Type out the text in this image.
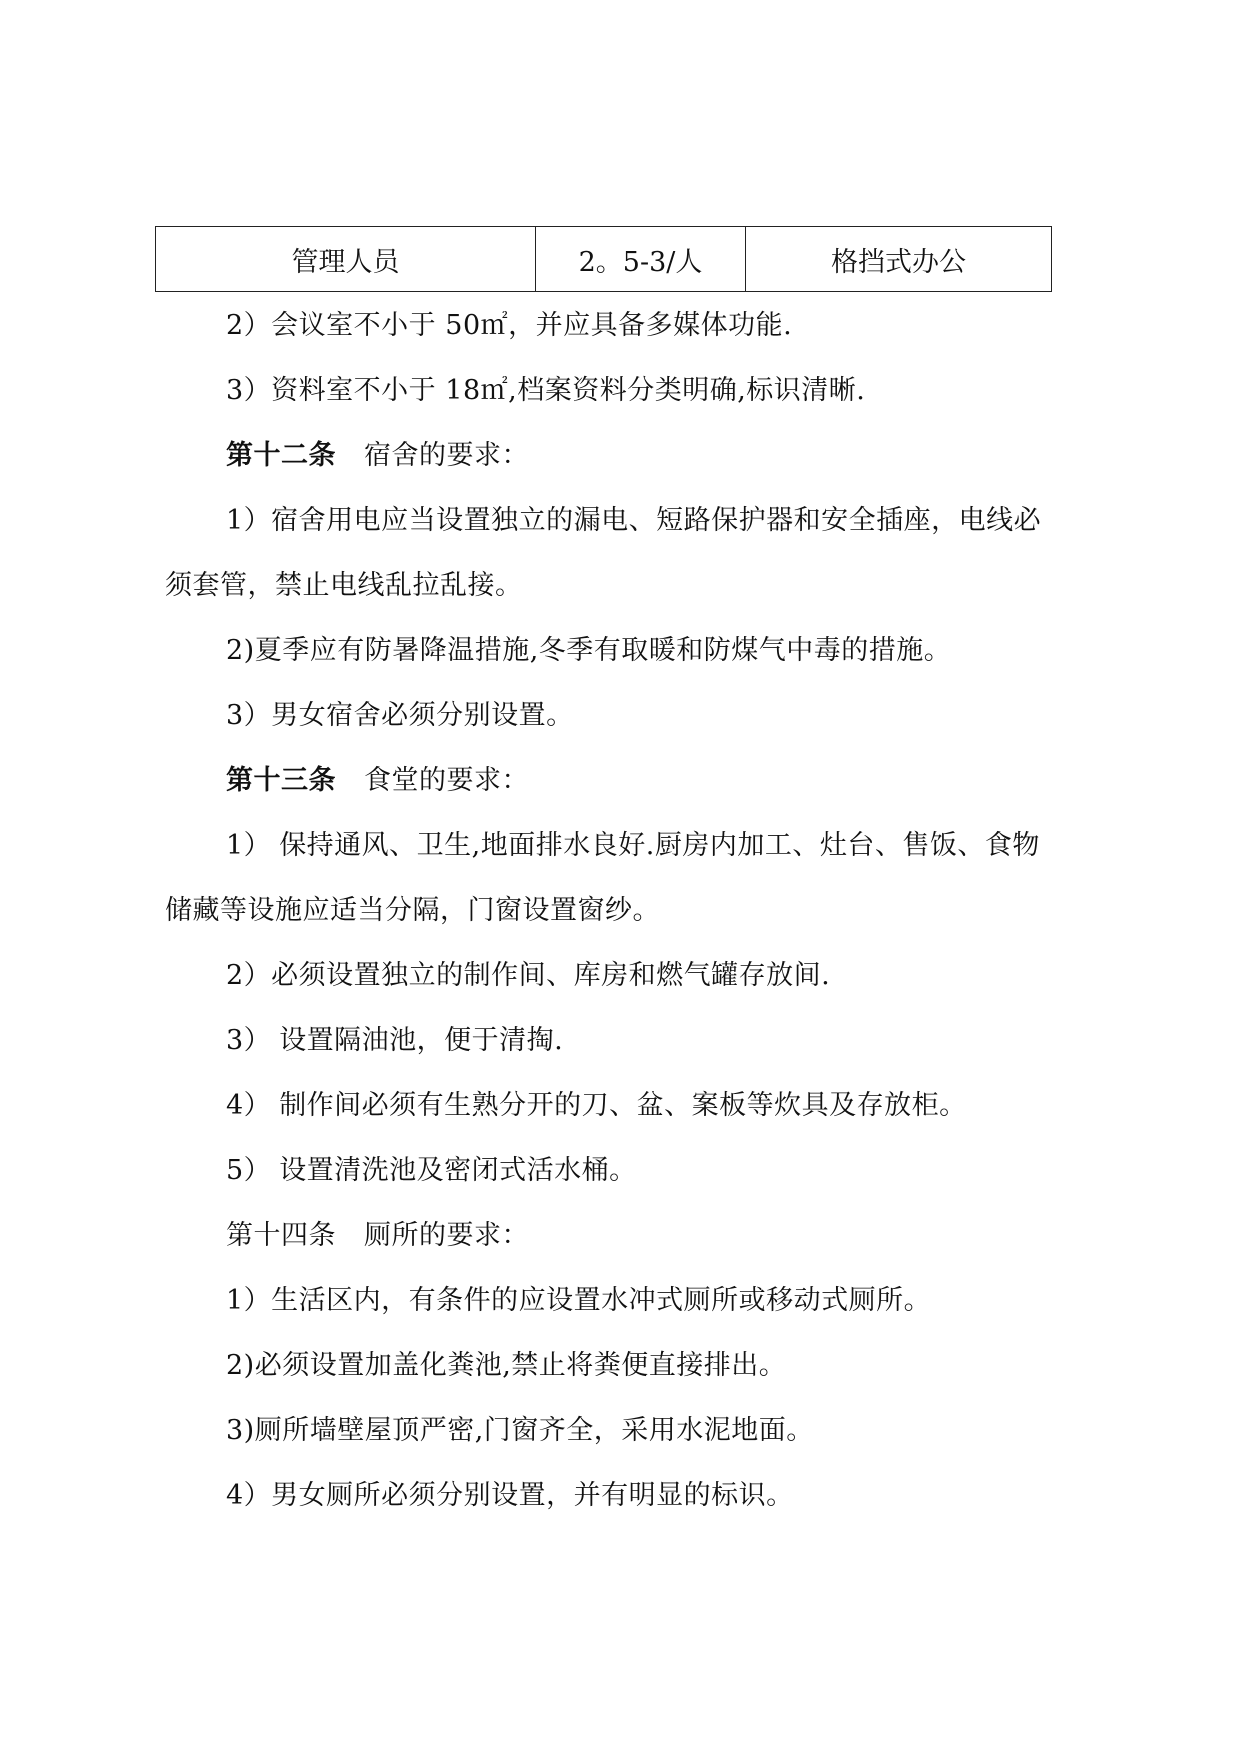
管理人员	2。5-3/人	格挡式办公
2）会议室不小于 50㎡，并应具备多媒体功能.
3）资料室不小于 18㎡,档案资料分类明确,标识清晰.
第十二条 宿舍的要求：
1）宿舍用电应当设置独立的漏电、短路保护器和安全插座，电线必
须套管，禁止电线乱拉乱接。
2)夏季应有防暑降温措施,冬季有取暖和防煤气中毒的措施。
3）男女宿舍必须分别设置。
第十三条 食堂的要求：
1） 保持通风、卫生,地面排水良好.厨房内加工、灶台、售饭、食物
储藏等设施应适当分隔，门窗设置窗纱。
2）必须设置独立的制作间、库房和燃气罐存放间.
3） 设置隔油池，便于清掏.
4） 制作间必须有生熟分开的刀、盆、案板等炊具及存放柜。
5） 设置清洗池及密闭式活水桶。
第十四条 厕所的要求：
1）生活区内，有条件的应设置水冲式厕所或移动式厕所。
2)必须设置加盖化粪池,禁止将粪便直接排出。
3)厕所墙壁屋顶严密,门窗齐全，采用水泥地面。
4）男女厕所必须分别设置，并有明显的标识。
